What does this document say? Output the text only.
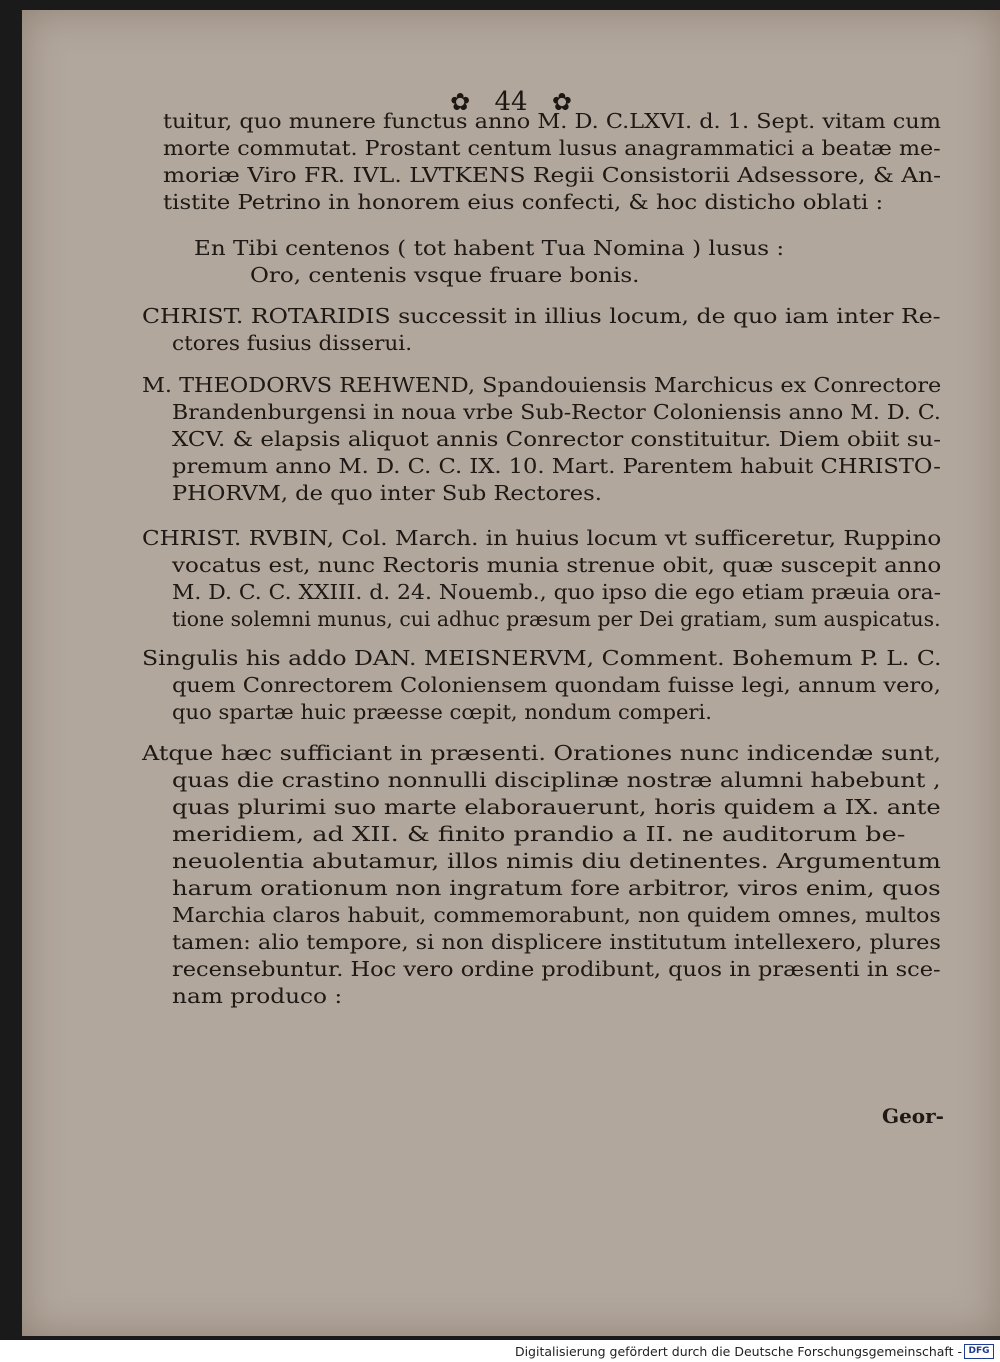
✿ 44 ✿
tuitur, quo munere functus anno M. D. C.LXVI. d. 1. Sept. vitam cum
morte commutat. Prostant centum lusus anagrammatici a beatæ me-
moriæ Viro FR. IVL. LVTKENS Regii Consistorii Adsessore, & An-
tistite Petrino in honorem eius confecti, & hoc disticho oblati :
En Tibi centenos ( tot habent Tua Nomina ) lusus :
Oro, centenis vsque fruare bonis.
CHRIST. ROTARIDIS successit in illius locum, de quo iam inter Re-
ctores fusius disserui.
M. THEODORVS REHWEND, Spandouiensis Marchicus ex Conrectore
Brandenburgensi in noua vrbe Sub-Rector Coloniensis anno M. D. C.
XCV. & elapsis aliquot annis Conrector constituitur. Diem obiit su-
premum anno M. D. C. C. IX. 10. Mart. Parentem habuit CHRISTO-
PHORVM, de quo inter Sub Rectores.
CHRIST. RVBIN, Col. March. in huius locum vt sufficeretur, Ruppino
vocatus est, nunc Rectoris munia strenue obit, quæ suscepit anno
M. D. C. C. XXIII. d. 24. Nouemb., quo ipso die ego etiam præuia ora-
tione solemni munus, cui adhuc præsum per Dei gratiam, sum auspicatus.
Singulis his addo DAN. MEISNERVM, Comment. Bohemum P. L. C.
quem Conrectorem Coloniensem quondam fuisse legi, annum vero,
quo spartæ huic præesse cœpit, nondum comperi.
Atque hæc sufficiant in præsenti. Orationes nunc indicendæ sunt,
quas die crastino nonnulli disciplinæ nostræ alumni habebunt ,
quas plurimi suo marte elaborauerunt, horis quidem a IX. ante
meridiem, ad XII. & finito prandio a II. ne auditorum be-
neuolentia abutamur, illos nimis diu detinentes. Argumentum
harum orationum non ingratum fore arbitror, viros enim, quos
Marchia claros habuit, commemorabunt, non quidem omnes, multos
tamen: alio tempore, si non displicere institutum intellexero, plures
recensebuntur. Hoc vero ordine prodibunt, quos in præsenti in sce-
nam produco :
Geor-
Digitalisierung gefördert durch die Deutsche Forschungsgemeinschaft - DFG
